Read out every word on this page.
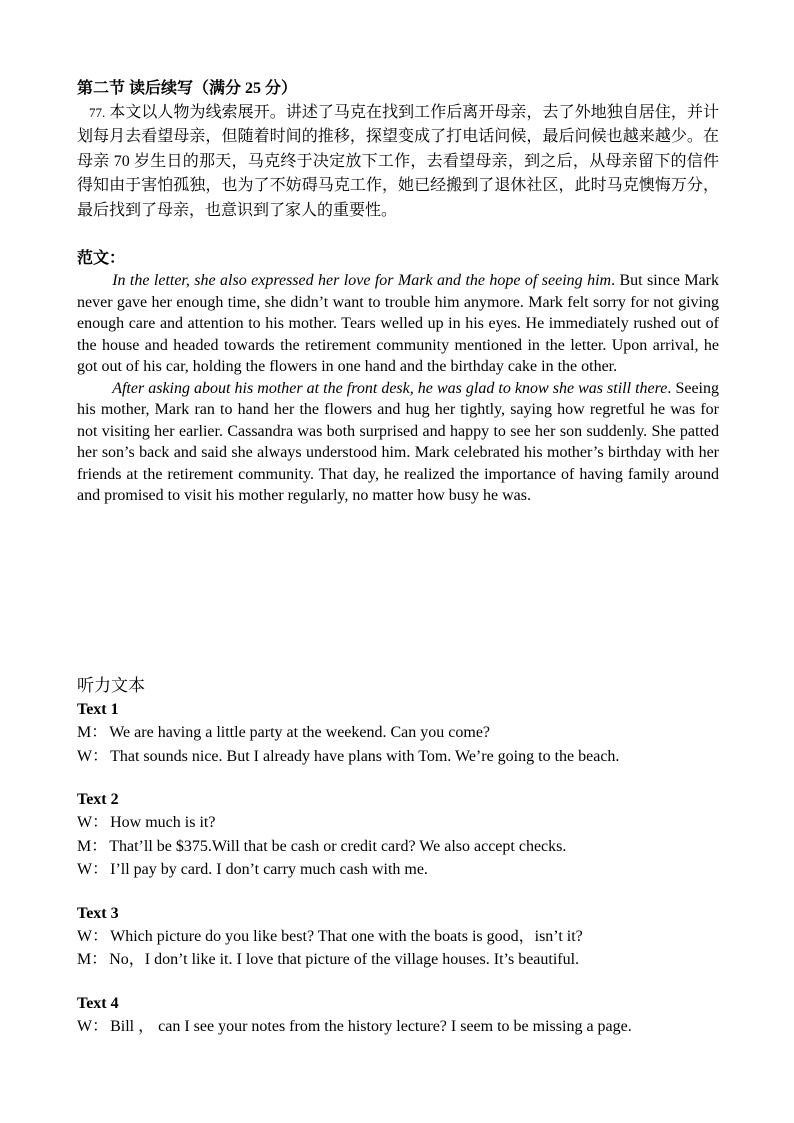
第二节 读后续写（满分 25 分）
77. 本文以人物为线索展开。讲述了马克在找到工作后离开母亲，去了外地独自居住，并计划每月去看望母亲，但随着时间的推移，探望变成了打电话问候，最后问候也越来越少。在母亲 70 岁生日的那天，马克终于决定放下工作，去看望母亲，到之后，从母亲留下的信件得知由于害怕孤独，也为了不妨碍马克工作，她已经搬到了退休社区，此时马克懊悔万分，最后找到了母亲，也意识到了家人的重要性。
范文：

In the letter, she also expressed her love for Mark and the hope of seeing him. But since Mark never gave her enough time, she didn’t want to trouble him anymore. Mark felt sorry for not giving enough care and attention to his mother. Tears welled up in his eyes. He immediately rushed out of the house and headed towards the retirement community mentioned in the letter. Upon arrival, he got out of his car, holding the flowers in one hand and the birthday cake in the other.

After asking about his mother at the front desk, he was glad to know she was still there. Seeing his mother, Mark ran to hand her the flowers and hug her tightly, saying how regretful he was for not visiting her earlier. Cassandra was both surprised and happy to see her son suddenly. She patted her son’s back and said she always understood him. Mark celebrated his mother’s birthday with her friends at the retirement community. That day, he realized the importance of having family around and promised to visit his mother regularly, no matter how busy he was.

听力文本
Text 1
M： We are having a little party at the weekend. Can you come?
W： That sounds nice. But I already have plans with Tom. We’re going to the beach.
Text 2
W： How much is it?
M： That’ll be $375.Will that be cash or credit card? We also accept checks.
W： I’ll pay by card. I don’t carry much cash with me.
Text 3
W： Which picture do you like best? That one with the boats is good，isn’t it?
M： No，I don’t like it. I love that picture of the village houses. It’s beautiful.
Text 4
W： Bill ， can I see your notes from the history lecture? I seem to be missing a page.
